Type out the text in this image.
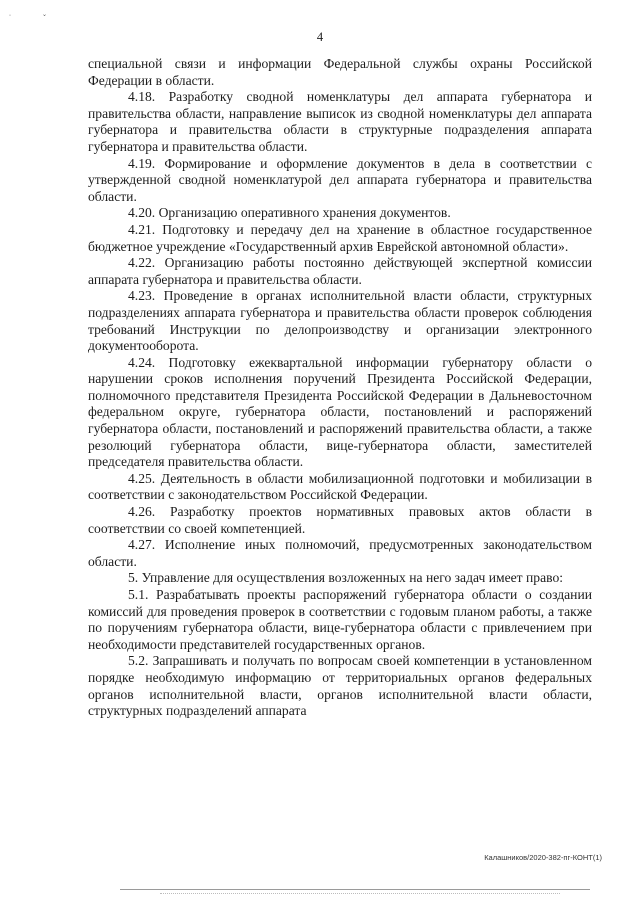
˙ ˇ
4

специальной связи и информации Федеральной службы охраны Российской Федерации в области.

4.18. Разработку сводной номенклатуры дел аппарата губернатора и правительства области, направление выписок из сводной номенклатуры дел аппарата губернатора и правительства области в структурные подразделения аппарата губернатора и правительства области.

4.19. Формирование и оформление документов в дела в соответствии с утвержденной сводной номенклатурой дел аппарата губернатора и правительства области.

4.20. Организацию оперативного хранения документов.

4.21. Подготовку и передачу дел на хранение в областное государственное бюджетное учреждение «Государственный архив Еврейской автономной области».

4.22. Организацию работы постоянно действующей экспертной комиссии аппарата губернатора и правительства области.

4.23. Проведение в органах исполнительной власти области, структурных подразделениях аппарата губернатора и правительства области проверок соблюдения требований Инструкции по делопроизводству и организации электронного документооборота.

4.24. Подготовку ежеквартальной информации губернатору области о нарушении сроков исполнения поручений Президента Российской Федерации, полномочного представителя Президента Российской Федерации в Дальневосточном федеральном округе, губернатора области, постановлений и распоряжений губернатора области, постановлений и распоряжений правительства области, а также резолюций губернатора области, вице-губернатора области, заместителей председателя правительства области.

4.25. Деятельность в области мобилизационной подготовки и мобилизации в соответствии с законодательством Российской Федерации.

4.26. Разработку проектов нормативных правовых актов области в соответствии со своей компетенцией.

4.27. Исполнение иных полномочий, предусмотренных законодательством области.

5. Управление для осуществления возложенных на него задач имеет право:

5.1. Разрабатывать проекты распоряжений губернатора области о создании комиссий для проведения проверок в соответствии с годовым планом работы, а также по поручениям губернатора области, вице-губернатора области с привлечением при необходимости представителей государственных органов.

5.2. Запрашивать и получать по вопросам своей компетенции в установленном порядке необходимую информацию от территориальных органов федеральных органов исполнительной власти, органов исполнительной власти области, структурных подразделений аппарата

Калашников/2020-382-пг-КОНТ(1)
